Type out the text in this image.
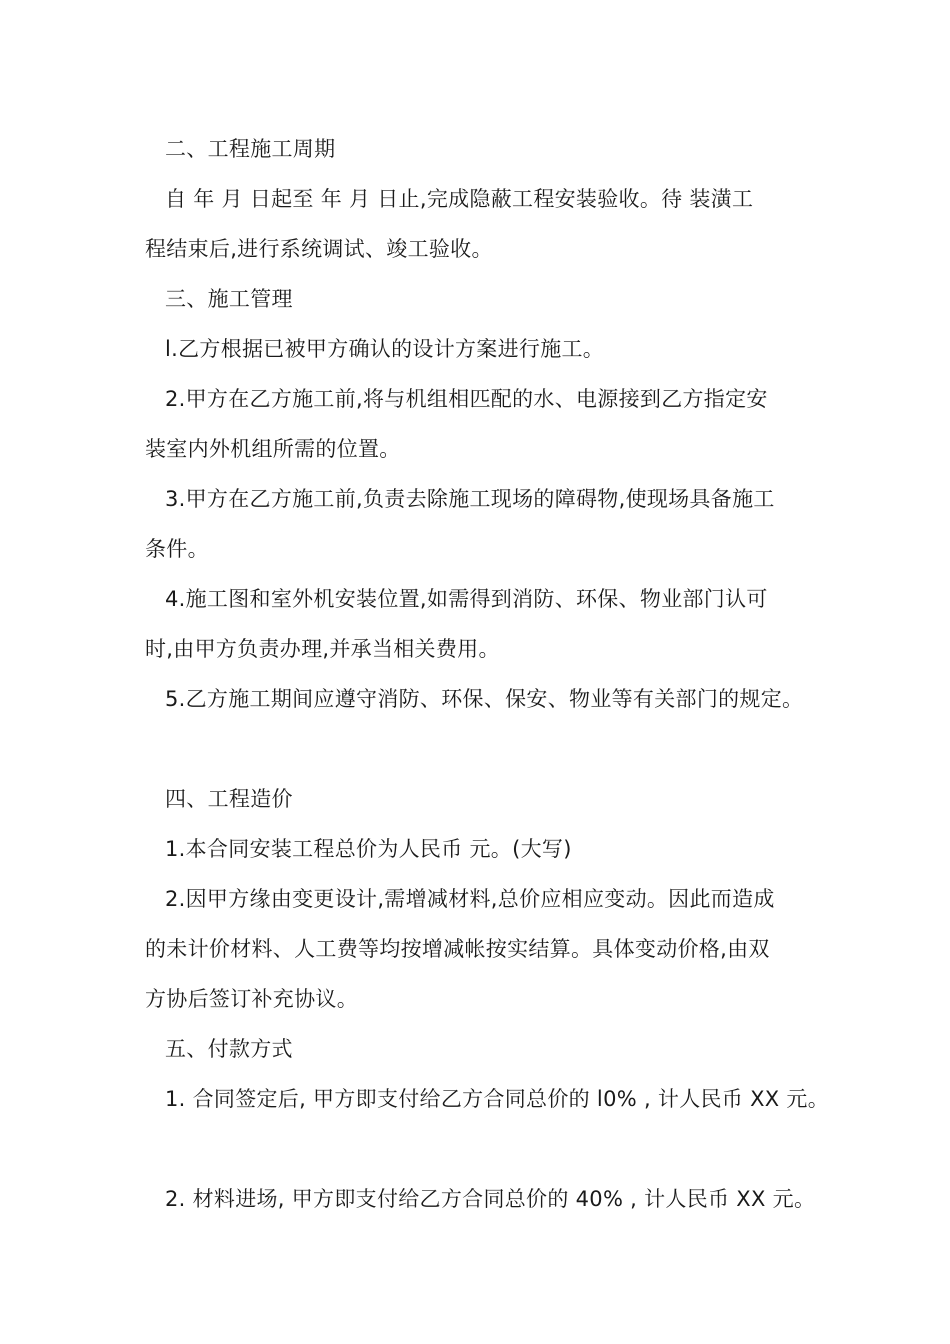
二、工程施工周期
自 年 月 日起至 年 月 日止,完成隐蔽工程安装验收。待 装潢工
程结束后,进行系统调试、竣工验收。
三、施工管理
l.乙方根据已被甲方确认的设计方案进行施工。
2.甲方在乙方施工前,将与机组相匹配的水、电源接到乙方指定安
装室内外机组所需的位置。
3.甲方在乙方施工前,负责去除施工现场的障碍物,使现场具备施工
条件。
4.施工图和室外机安装位置,如需得到消防、环保、物业部门认可
时,由甲方负责办理,并承当相关费用。
5.乙方施工期间应遵守消防、环保、保安、物业等有关部门的规定。
四、工程造价
1.本合同安装工程总价为人民币 元。(大写)
2.因甲方缘由变更设计,需增减材料,总价应相应变动。因此而造成
的未计价材料、人工费等均按增减帐按实结算。具体变动价格,由双
方协后签订补充协议。
五、付款方式
1. 合同签定后, 甲方即支付给乙方合同总价的 l0% , 计人民币 XX 元。
2. 材料进场, 甲方即支付给乙方合同总价的 40% , 计人民币 XX 元。
